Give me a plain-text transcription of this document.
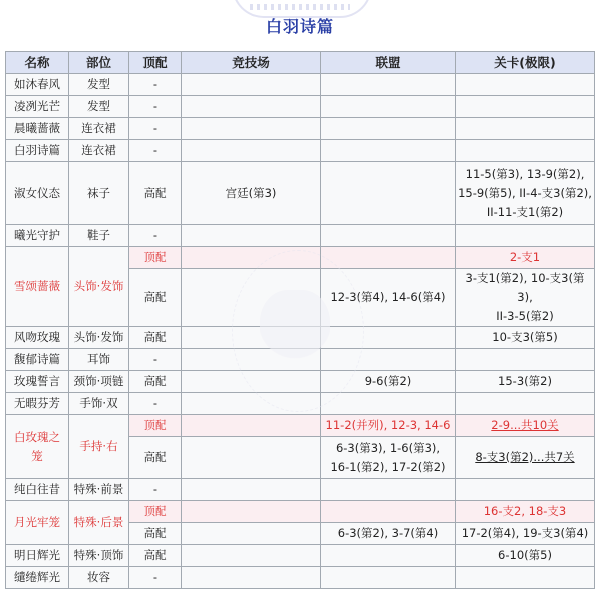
白羽诗篇
名称	部位	顶配	竞技场	联盟	关卡(极限)
如沐春风	发型	-			
凌冽光芒	发型	-			
晨曦蔷薇	连衣裙	-			
白羽诗篇	连衣裙	-			
淑女仪态	袜子	高配	宫廷(第3)		11-5(第3), 13-9(第2),
15-9(第5), II-4-支3(第2),
II-11-支1(第2)

曦光守护	鞋子	-			
雪颂蔷薇	头饰·发饰	顶配			2-支1
		高配		12-3(第4), 14-6(第4)	3-支1(第2), 10-支3(第3),
II-3-5(第2)

风吻玫瑰	头饰·发饰	高配			10-支3(第5)
馥郁诗篇	耳饰	-			
玫瑰誓言	颈饰·项链	高配		9-6(第2)	15-3(第2)
无暇芬芳	手饰·双	-			

白玫瑰之
笼	手持·右	顶配		11-2(并列), 12-3, 14-6	2-9...共10关
		高配		6-3(第3), 1-6(第3),
16-1(第2), 17-2(第2)	8-支3(第2)...共7关
纯白往昔	特殊·前景	-			
月光牢笼	特殊·后景	顶配			16-支2, 18-支3
		高配		6-3(第2), 3-7(第4)	17-2(第4), 19-支3(第4)
明日辉光	特殊·顶饰	高配			6-10(第5)
缱绻辉光	妆容	-			
